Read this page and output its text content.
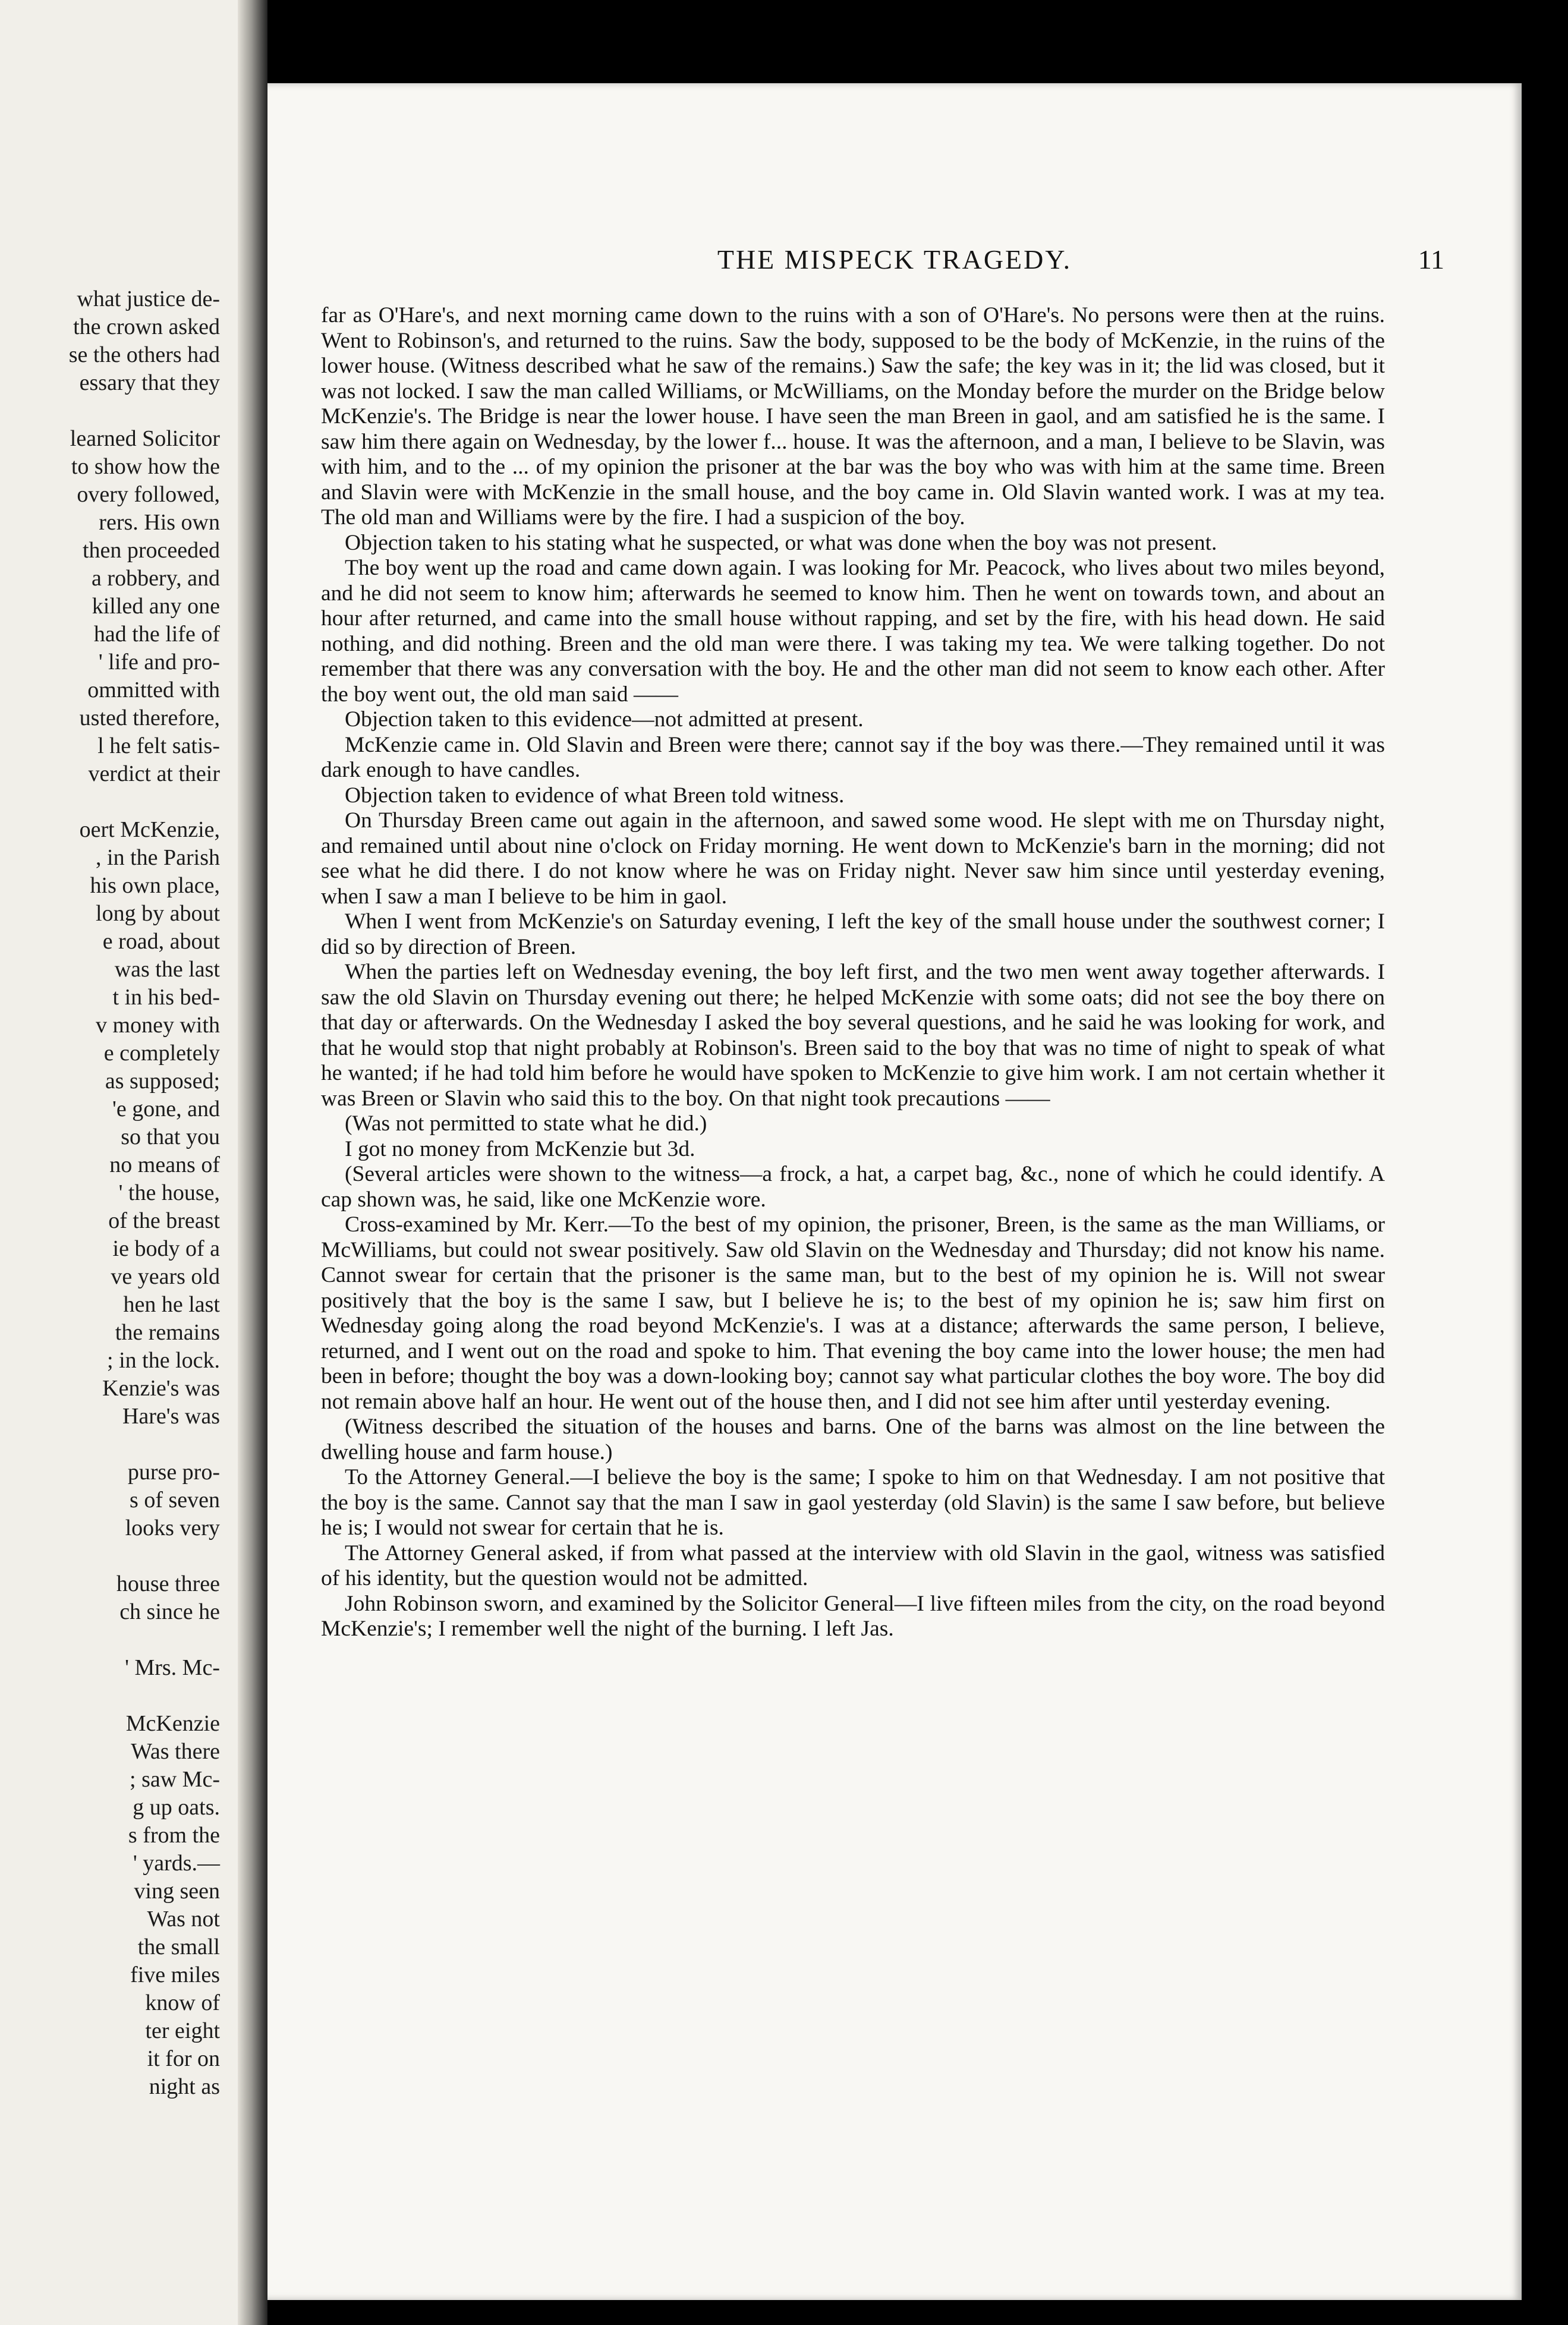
what justice de-
the crown asked
se the others had
essary that they

learned Solicitor
to show how the
overy followed,
rers. His own
then proceeded
a robbery, and
killed any one
had the life of
' life and pro-
ommitted with
usted therefore,
l he felt satis-
verdict at their

oert McKenzie,
, in the Parish
his own place,
long by about
e road, about
was the last
t in his bed-
v money with
e completely
as supposed;
'e gone, and
so that you
no means of
' the house,
of the breast
ie body of a
ve years old
hen he last
the remains
; in the lock.
Kenzie's was
Hare's was

purse pro-
s of seven
looks very

house three
ch since he

' Mrs. Mc-

McKenzie
Was there
; saw Mc-
g up oats.
s from the
' yards.—
ving seen
Was not
the small
five miles
know of
ter eight
it for on
night as
THE MISPECK TRAGEDY.	11

far as O'Hare's, and next morning came down to the ruins with a son of O'Hare's. No persons were then at the ruins. Went to Robinson's, and returned to the ruins. Saw the body, supposed to be the body of McKenzie, in the ruins of the lower house. (Witness described what he saw of the remains.) Saw the safe; the key was in it; the lid was closed, but it was not locked. I saw the man called Williams, or McWilliams, on the Monday before the murder on the Bridge below McKenzie's. The Bridge is near the lower house. I have seen the man Breen in gaol, and am satisfied he is the same. I saw him there again on Wednesday, by the lower f... house. It was the afternoon, and a man, I believe to be Slavin, was with him, and to the ... of my opinion the prisoner at the bar was the boy who was with him at the same time. Breen and Slavin were with McKenzie in the small house, and the boy came in. Old Slavin wanted work. I was at my tea. The old man and Williams were by the fire. I had a suspicion of the boy.

Objection taken to his stating what he suspected, or what was done when the boy was not present.

The boy went up the road and came down again. I was looking for Mr. Peacock, who lives about two miles beyond, and he did not seem to know him; afterwards he seemed to know him. Then he went on towards town, and about an hour after returned, and came into the small house without rapping, and set by the fire, with his head down. He said nothing, and did nothing. Breen and the old man were there. I was taking my tea. We were talking together. Do not remember that there was any conversation with the boy. He and the other man did not seem to know each other. After the boy went out, the old man said ——

Objection taken to this evidence—not admitted at present.

McKenzie came in. Old Slavin and Breen were there; cannot say if the boy was there.—They remained until it was dark enough to have candles.

Objection taken to evidence of what Breen told witness.

On Thursday Breen came out again in the afternoon, and sawed some wood. He slept with me on Thursday night, and remained until about nine o'clock on Friday morning. He went down to McKenzie's barn in the morning; did not see what he did there. I do not know where he was on Friday night. Never saw him since until yesterday evening, when I saw a man I believe to be him in gaol.

When I went from McKenzie's on Saturday evening, I left the key of the small house under the southwest corner; I did so by direction of Breen.

When the parties left on Wednesday evening, the boy left first, and the two men went away together afterwards. I saw the old Slavin on Thursday evening out there; he helped McKenzie with some oats; did not see the boy there on that day or afterwards. On the Wednesday I asked the boy several questions, and he said he was looking for work, and that he would stop that night probably at Robinson's. Breen said to the boy that was no time of night to speak of what he wanted; if he had told him before he would have spoken to McKenzie to give him work. I am not certain whether it was Breen or Slavin who said this to the boy. On that night took precautions ——

(Was not permitted to state what he did.)

I got no money from McKenzie but 3d.

(Several articles were shown to the witness—a frock, a hat, a carpet bag, &c., none of which he could identify. A cap shown was, he said, like one McKenzie wore.

Cross-examined by Mr. Kerr.—To the best of my opinion, the prisoner, Breen, is the same as the man Williams, or McWilliams, but could not swear positively. Saw old Slavin on the Wednesday and Thursday; did not know his name. Cannot swear for certain that the prisoner is the same man, but to the best of my opinion he is. Will not swear positively that the boy is the same I saw, but I believe he is; to the best of my opinion he is; saw him first on Wednesday going along the road beyond McKenzie's. I was at a distance; afterwards the same person, I believe, returned, and I went out on the road and spoke to him. That evening the boy came into the lower house; the men had been in before; thought the boy was a down-looking boy; cannot say what particular clothes the boy wore. The boy did not remain above half an hour. He went out of the house then, and I did not see him after until yesterday evening.

(Witness described the situation of the houses and barns. One of the barns was almost on the line between the dwelling house and farm house.)

To the Attorney General.—I believe the boy is the same; I spoke to him on that Wednesday. I am not positive that the boy is the same. Cannot say that the man I saw in gaol yesterday (old Slavin) is the same I saw before, but believe he is; I would not swear for certain that he is.

The Attorney General asked, if from what passed at the interview with old Slavin in the gaol, witness was satisfied of his identity, but the question would not be admitted.

John Robinson sworn, and examined by the Solicitor General—I live fifteen miles from the city, on the road beyond McKenzie's; I remember well the night of the burning. I left Jas.
